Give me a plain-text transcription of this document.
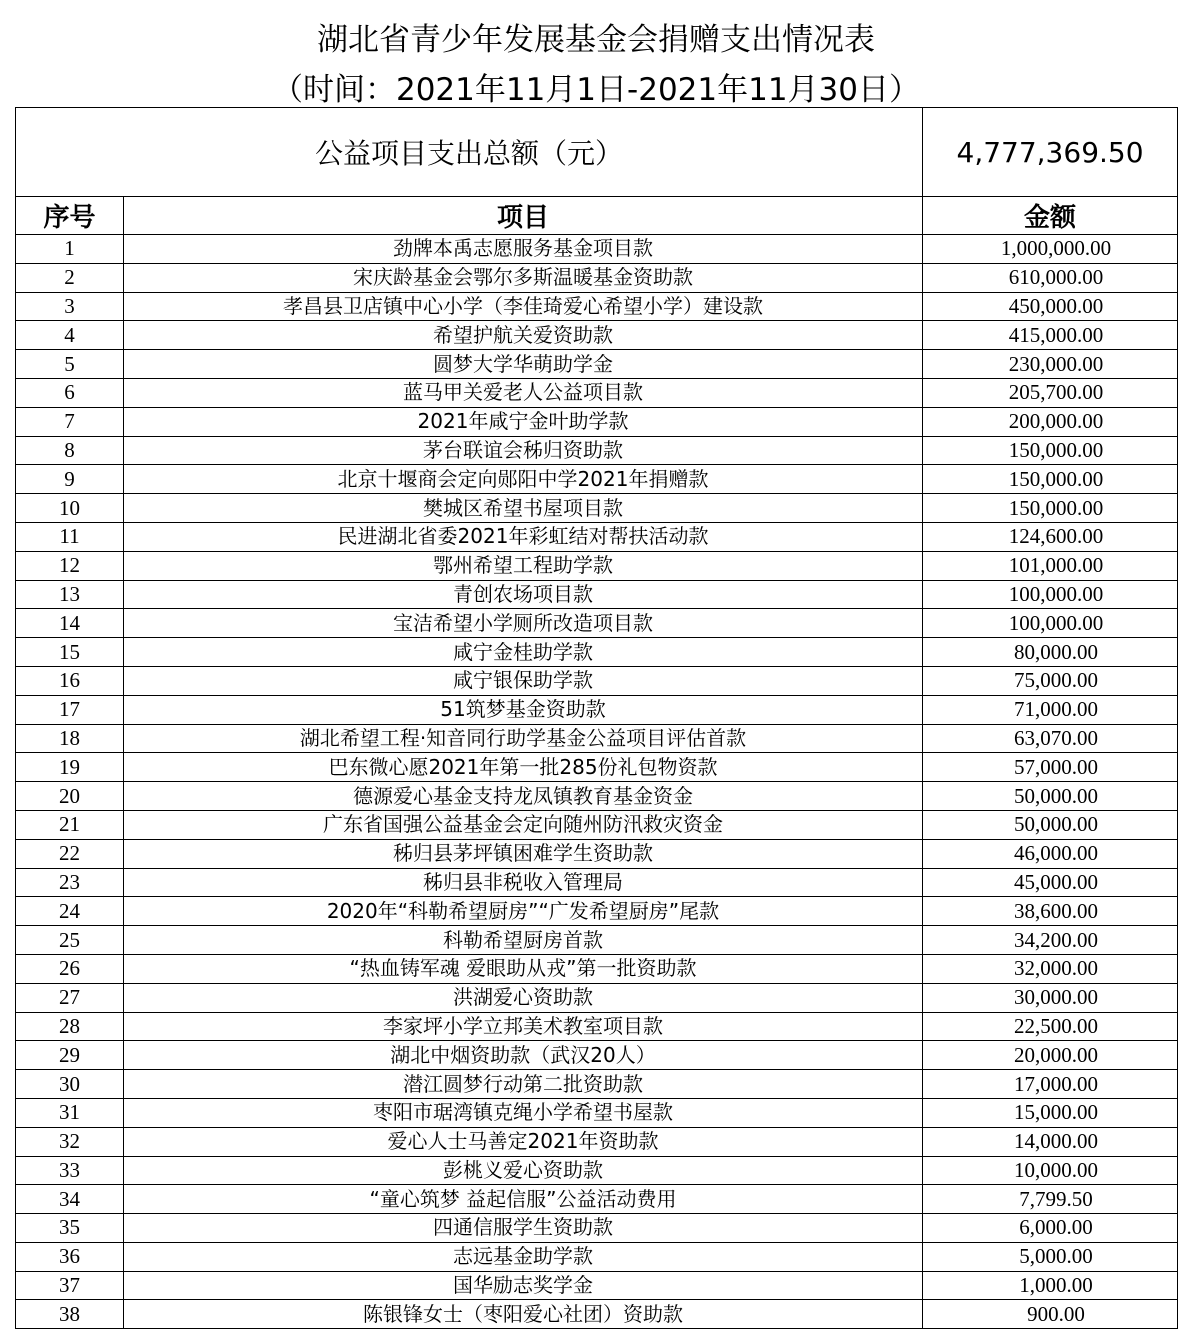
湖北省青少年发展基金会捐赠支出情况表
（时间：2021年11月1日-2021年11月30日）
公益项目支出总额（元）		4,777,369.50
序号	项目	金额
1	劲牌本禹志愿服务基金项目款	1,000,000.00
2	宋庆龄基金会鄂尔多斯温暖基金资助款	610,000.00
3	孝昌县卫店镇中心小学（李佳琦爱心希望小学）建设款	450,000.00
4	希望护航关爱资助款	415,000.00
5	圆梦大学华萌助学金	230,000.00
6	蓝马甲关爱老人公益项目款	205,700.00
7	2021年咸宁金叶助学款	200,000.00
8	茅台联谊会秭归资助款	150,000.00
9	北京十堰商会定向郧阳中学2021年捐赠款	150,000.00
10	樊城区希望书屋项目款	150,000.00
11	民进湖北省委2021年彩虹结对帮扶活动款	124,600.00
12	鄂州希望工程助学款	101,000.00
13	青创农场项目款	100,000.00
14	宝洁希望小学厕所改造项目款	100,000.00
15	咸宁金桂助学款	80,000.00
16	咸宁银保助学款	75,000.00
17	51筑梦基金资助款	71,000.00
18	湖北希望工程·知音同行助学基金公益项目评估首款	63,070.00
19	巴东微心愿2021年第一批285份礼包物资款	57,000.00
20	德源爱心基金支持龙凤镇教育基金资金	50,000.00
21	广东省国强公益基金会定向随州防汛救灾资金	50,000.00
22	秭归县茅坪镇困难学生资助款	46,000.00
23	秭归县非税收入管理局	45,000.00
24	2020年“科勒希望厨房”“广发希望厨房”尾款	38,600.00
25	科勒希望厨房首款	34,200.00
26	“热血铸军魂 爱眼助从戎”第一批资助款	32,000.00
27	洪湖爱心资助款	30,000.00
28	李家坪小学立邦美术教室项目款	22,500.00
29	湖北中烟资助款（武汉20人）	20,000.00
30	潜江圆梦行动第二批资助款	17,000.00
31	枣阳市琚湾镇克绳小学希望书屋款	15,000.00
32	爱心人士马善定2021年资助款	14,000.00
33	彭桃义爱心资助款	10,000.00
34	“童心筑梦 益起信服”公益活动费用	7,799.50
35	四通信服学生资助款	6,000.00
36	志远基金助学款	5,000.00
37	国华励志奖学金	1,000.00
38	陈银锋女士（枣阳爱心社团）资助款	900.00
